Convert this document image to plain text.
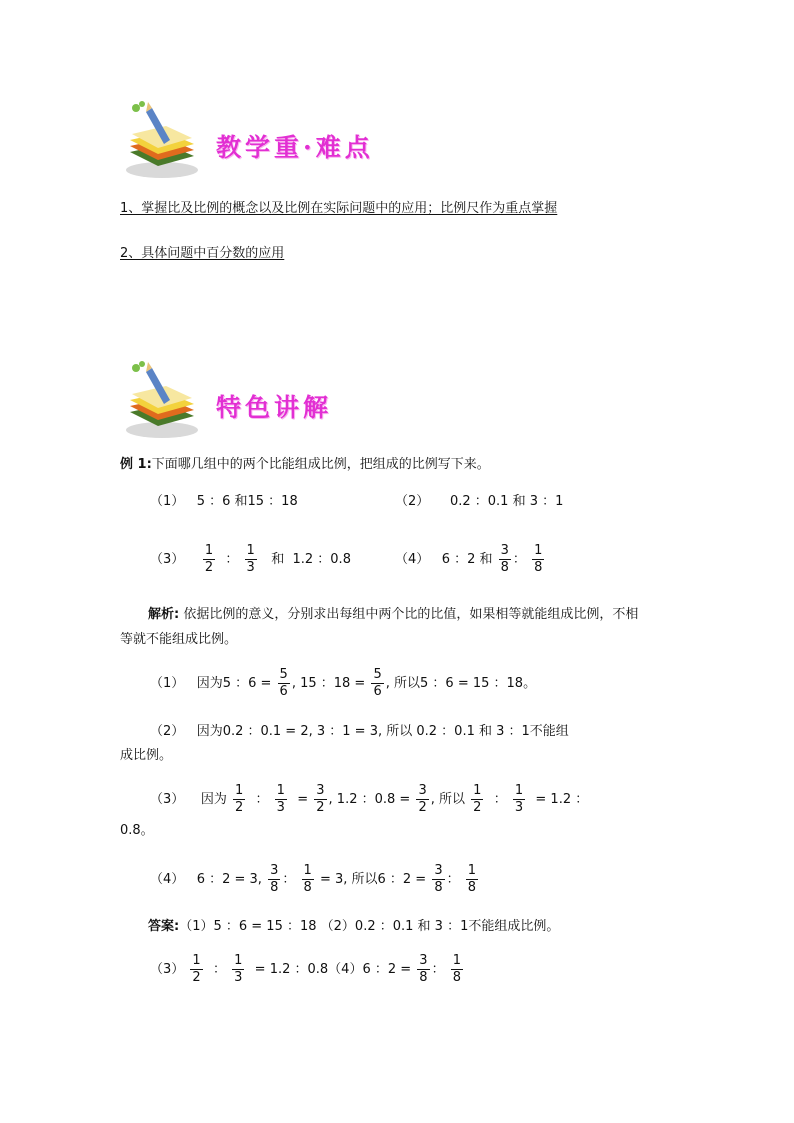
教学重·难点
1、掌握比及比例的概念以及比例在实际问题中的应用；比例尺作为重点掌握
2、具体问题中百分数的应用
特色讲解
例 1:下面哪几组中的两个比能组成比例，把组成的比例写下来。
（1） 5 ：6 和15 ：18	（2） 0.2 ：0.1 和 3 ：1
$(3) \frac{1}{2}$ ： $\frac{1}{3}$ 和 1.2 ：0.8	（4） 6 ：2 和 $\frac{3}{8}$ ： $\frac{1}{8}$
解析: 依据比例的意义，分别求出每组中两个比的比值，如果相等就能组成比例，不相
等就不能组成比例。
（1） 因为5 ：$6 = \frac{5}{6}$ , 15 ：$18 = \frac{5}{6}$ , 所以5 ：6 = 15 ：18。
（2） 因为0.2 ：0.1 = 2, 3 ：1 = 3, 所以 0.2 ：0.1 和 3 ：1不能组
成比例。
（3） 因为 $\frac{1}{2}$ ： $\frac{1}{3} = \frac{3}{2}$ , 1.2 ：$0.8 = \frac{3}{2}$ , 所以 $\frac{1}{2}$ ： $\frac{1}{3} = 1.2$ ：
0.8。
（4） 6 ：2 = 3, $\frac{3}{8}$ ： $\frac{1}{8} = 3$, 所以6 ：$2 = \frac{3}{8}$ ： $\frac{1}{8}$
答案:（1）5 ：6 = 15 ：18 （2）0.2 ：0.1 和 3 ：1不能组成比例。
$(3) \frac{1}{2}$ ： $\frac{1}{3} = 1.2$ ：0.8（4）6 ：$2 = \frac{3}{8}$ ： $\frac{1}{8}$
